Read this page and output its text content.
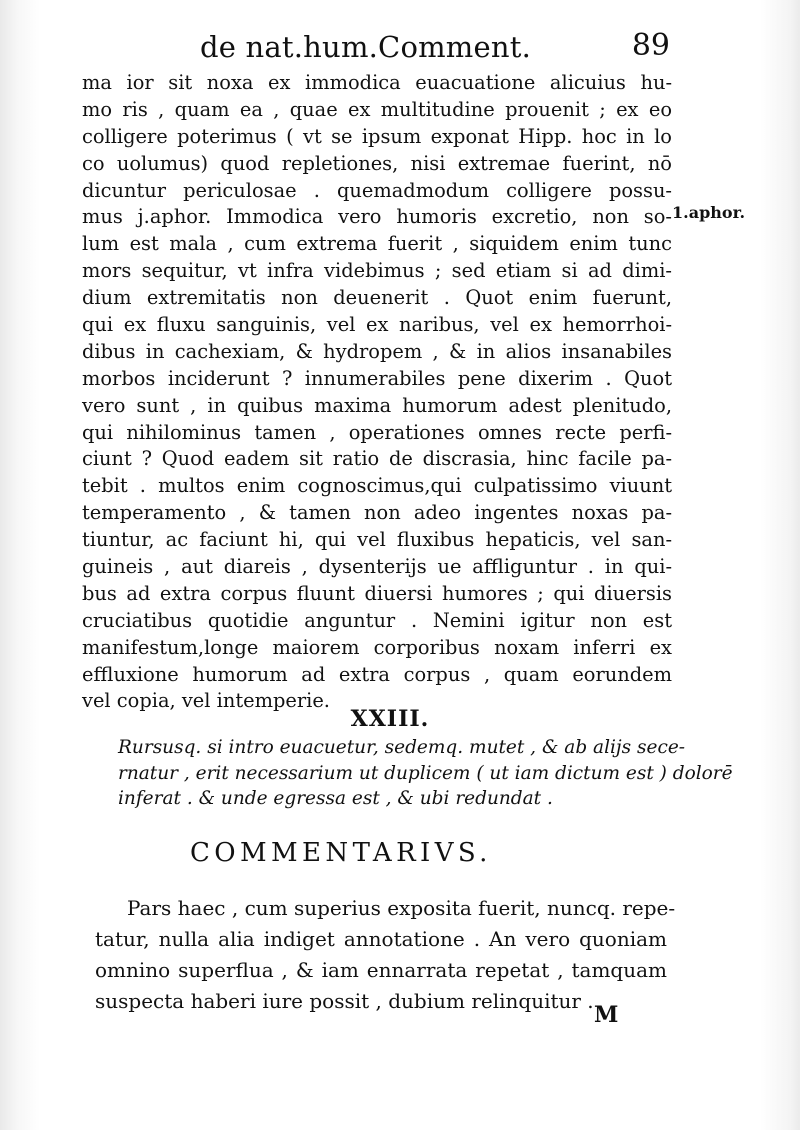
de nat.hum.Comment.	89
ma ior sit noxa ex immodica euacuatione alicuius hu-
mo ris , quam ea , quae ex multitudine prouenit ; ex eo
colligere poterimus ( vt se ipsum exponat Hipp. hoc in lo
co uolumus) quod repletiones, nisi extremae fuerint, nō
dicuntur periculosae . quemadmodum colligere possu-
mus j.aphor. Immodica vero humoris excretio, non so-
lum est mala , cum extrema fuerit , siquidem enim tunc
mors sequitur, vt infra videbimus ; sed etiam si ad dimi-
dium extremitatis non deuenerit . Quot enim fuerunt,
qui ex fluxu sanguinis, vel ex naribus, vel ex hemorrhoi-
dibus in cachexiam, & hydropem , & in alios insanabiles
morbos inciderunt ? innumerabiles pene dixerim . Quot
vero sunt , in quibus maxima humorum adest plenitudo,
qui nihilominus tamen , operationes omnes recte perfi-
ciunt ? Quod eadem sit ratio de discrasia, hinc facile pa-
tebit . multos enim cognoscimus,qui culpatissimo viuunt
temperamento , & tamen non adeo ingentes noxas pa-
tiuntur, ac faciunt hi, qui vel fluxibus hepaticis, vel san-
guineis , aut diareis , dysenterijs ue affliguntur . in qui-
bus ad extra corpus fluunt diuersi humores ; qui diuersis
cruciatibus quotidie anguntur . Nemini igitur non est
manifestum,longe maiorem corporibus noxam inferri ex
effluxione humorum ad extra corpus , quam eorundem
vel copia, vel intemperie.
1.aphor.
XXIII.
Rursusq. si intro euacuetur, sedemq. mutet , & ab alijs sece-
rnatur , erit necessarium ut duplicem ( ut iam dictum est ) dolorē
inferat . & unde egressa est , & ubi redundat .
COMMENTARIVS.
Pars haec , cum superius exposita fuerit, nuncq. repe-
tatur, nulla alia indiget annotatione . An vero quoniam
omnino superflua , & iam ennarrata repetat , tamquam
suspecta haberi iure possit , dubium relinquitur .
M
